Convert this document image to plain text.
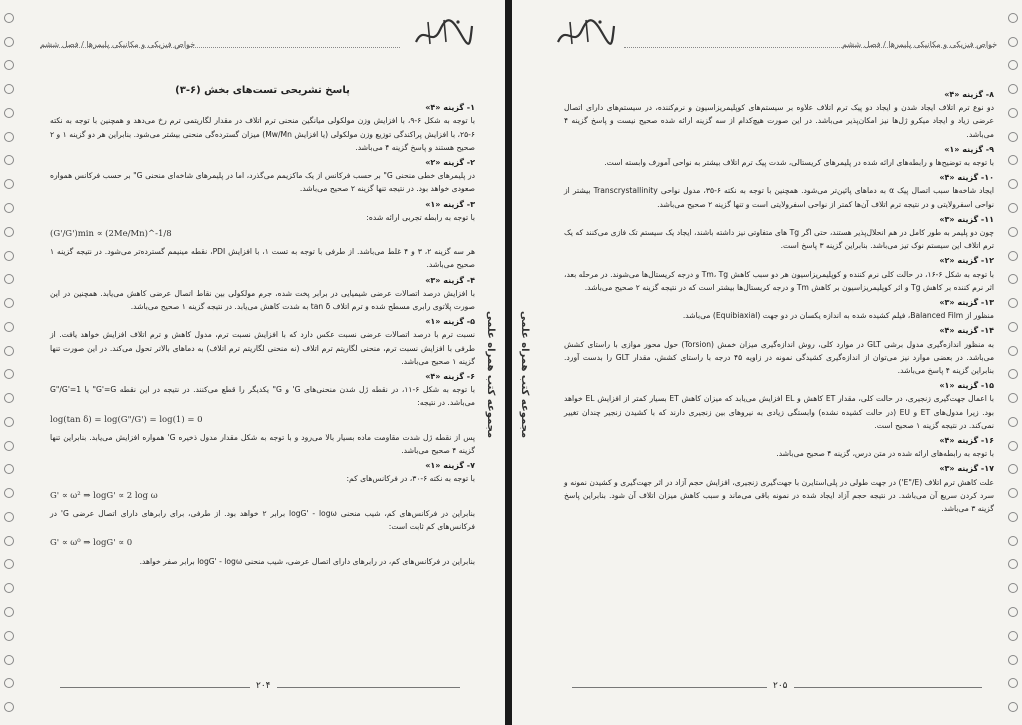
خواص فیزیکی و مکانیکی پلیمرها / فصل ششم
مجموعه کتب همراه علمی
پاسخ تشریحی تست‌های بخش (۶-۳)
۱- گزینه «۴»

با توجه به شکل ۶-۹، با افزایش وزن مولکولی میانگین منحنی ترم اتلاف در مقدار لگاریتمی ترم رخ می‌دهد و همچنین با توجه به نکته ۶-۲۵، با افزایش پراکندگی توزیع وزن مولکولی (یا افزایش Mw/Mn) میزان گسترده‌گی منحنی بیشتر می‌شود. بنابراین هر دو گزینه ۱ و ۲ صحیح هستند و پاسخ گزینه ۴ می‌باشد.

۲- گزینه «۲»

در پلیمرهای خطی منحنی G" بر حسب فرکانس از یک ماکزیمم می‌گذرد، اما در پلیمرهای شاخه‌ای منحنی G" بر حسب فرکانس همواره صعودی خواهد بود. در نتیجه تنها گزینه ۲ صحیح می‌باشد.

۳- گزینه «۱»

با توجه به رابطه تجربی ارائه شده:

(G'/G')min ∝ (2Me/Mn)^-1/8

هر سه گزینه ۲، ۳ و ۴ غلط می‌باشد. از طرفی با توجه به تست ۱، با افزایش PDI، نقطه مینیمم گسترده‌تر می‌شود. در نتیجه گزینه ۱ صحیح می‌باشد.

۴- گزینه «۳»

با افزایش درصد اتصالات عرضی شیمیایی در برابر پخت شده، جرم مولکولی بین نقاط اتصال عرضی کاهش می‌یابد. همچنین در این صورت پلاتوی رابری مسطح شده و ترم اتلاف tan δ به شدت کاهش می‌یابد. در نتیجه گزینه ۱ صحیح می‌باشد.

۵- گزینه «۱»

نسبت ترم با درصد اتصالات عرضی نسبت عکس دارد که با افزایش نسبت ترم، مدول کاهش و ترم اتلاف افزایش خواهد یافت. از طرفی با افزایش نسبت ترم، منحنی لگاریتم ترم اتلاف (نه منحنی لگاریتم ترم اتلاف) به دماهای بالاتر تحول می‌کند. در این صورت تنها گزینه ۱ صحیح می‌باشد.

۶- گزینه «۴»

با توجه به شکل ۶-۱۱، در نقطه ژل شدن منحنی‌های G' و G" یکدیگر را قطع می‌کنند. در نتیجه در این نقطه G'=G" یا G"/G'=1 می‌باشد. در نتیجه:

log(tan δ) = log(G"/G') = log(1) = 0

پس از نقطه ژل شدت مقاومت ماده بسیار بالا می‌رود و با توجه به شکل مقدار مدول ذخیره G' همواره افزایش می‌یابد. بنابراین تنها گزینه ۴ صحیح می‌باشد.

۷- گزینه «۱»

با توجه به نکته ۶-۳۰، در فرکانس‌های کم:

G' ∝ ω² ⇒ logG' ∝ 2 log ω

بنابراین در فرکانس‌های کم، شیب منحنی logG' - logω برابر ۲ خواهد بود. از طرفی، برای رابرهای دارای اتصال عرضی G' در فرکانس‌های کم ثابت است:

G' ∝ ω⁰ ⇒ logG' ∝ 0

بنابراین در فرکانس‌های کم، در رابرهای دارای اتصال عرضی، شیب منحنی logG' - logω برابر صفر خواهد.

۲۰۴
خواص فیزیکی و مکانیکی پلیمرها / فصل ششم
مجموعه کتب همراه علمی
۸- گزینه «۴»

دو نوع ترم اتلاف ایجاد شدن و ایجاد دو پیک ترم اتلاف علاوه بر سیستم‌های کوپلیمریزاسیون و نرم‌کننده، در سیستم‌های دارای اتصال عرضی زیاد و ایجاد میکرو ژل‌ها نیز امکان‌پذیر می‌باشد. در این صورت هیچ‌کدام از سه گزینه ارائه شده صحیح نیست و پاسخ گزینه ۴ می‌باشد.

۹- گزینه «۱»

با توجه به توضیح‌ها و رابطه‌های ارائه شده در پلیمرهای کریستالی، شدت پیک ترم اتلاف بیشتر به نواحی آمورف وابسته است.

۱۰- گزینه «۴»

ایجاد شاخه‌ها سبب اتصال پیک α به دماهای پائین‌تر می‌شود. همچنین با توجه به نکته ۶-۳۵، مدول نواحی Transcrystallinity بیشتر از نواحی اسفرولایتی و در نتیجه ترم اتلاف آن‌ها کمتر از نواحی اسفرولایتی است و تنها گزینه ۲ صحیح می‌باشد.

۱۱- گزینه «۳»

چون دو پلیمر به طور کامل در هم انحلال‌پذیر هستند، حتی اگر Tg های متفاوتی نیز داشته باشند، ایجاد یک سیستم تک فازی می‌کنند که یک ترم اتلاف این سیستم نوک تیز می‌باشد. بنابراین گزینه ۳ پاسخ است.

۱۲- گزینه «۲»

با توجه به شکل ۶-۱۶، در حالت کلی نرم کننده و کوپلیمریزاسیون هر دو سبب کاهش Tm، Tg و درجه کریستال‌ها می‌شوند. در مرحله بعد، اثر نرم کننده بر کاهش Tg و اثر کوپلیمریزاسیون بر کاهش Tm و درجه کریستال‌ها بیشتر است که در نتیجه گزینه ۲ صحیح می‌باشد.

۱۳- گزینه «۳»

منظور از Balanced Film، فیلم کشیده شده به اندازه یکسان در دو جهت (Equibiaxial) می‌باشد.

۱۴- گزینه «۴»

به منظور اندازه‌گیری مدول برشی GLT در موارد کلی، روش اندازه‌گیری میزان خمش (Torsion) حول محور موازی با راستای کشش می‌باشد. در بعضی موارد نیز می‌توان از اندازه‌گیری کشیدگی نمونه در زاویه ۴۵ درجه با راستای کشش، مقدار GLT را بدست آورد. بنابراین گزینه ۴ پاسخ می‌باشد.

۱۵- گزینه «۱»

با اعمال جهت‌گیری زنجیری، در حالت کلی، مقدار ET کاهش و EL افزایش می‌یابد که میزان کاهش ET بسیار کمتر از افزایش EL خواهد بود. زیرا مدول‌های ET و EU (در حالت کشیده نشده) وابستگی زیادی به نیروهای بین زنجیری دارند که با کشیدن زنجیر چندان تغییر نمی‌کند. در نتیجه گزینه ۱ صحیح است.

۱۶- گزینه «۴»

با توجه به رابطه‌های ارائه شده در متن درس، گزینه ۴ صحیح می‌باشد.

۱۷- گزینه «۳»

علت کاهش ترم اتلاف (E"/E') در جهت طولی در پلی‌استایرن با جهت‌گیری زنجیری، افزایش حجم آزاد در اثر جهت‌گیری و کشیدن نمونه و سرد کردن سریع آن می‌باشد. در نتیجه حجم آزاد ایجاد شده در نمونه باقی می‌ماند و سبب کاهش میزان اتلاف آن شود. بنابراین پاسخ گزینه ۳ می‌باشد.

۲۰۵
